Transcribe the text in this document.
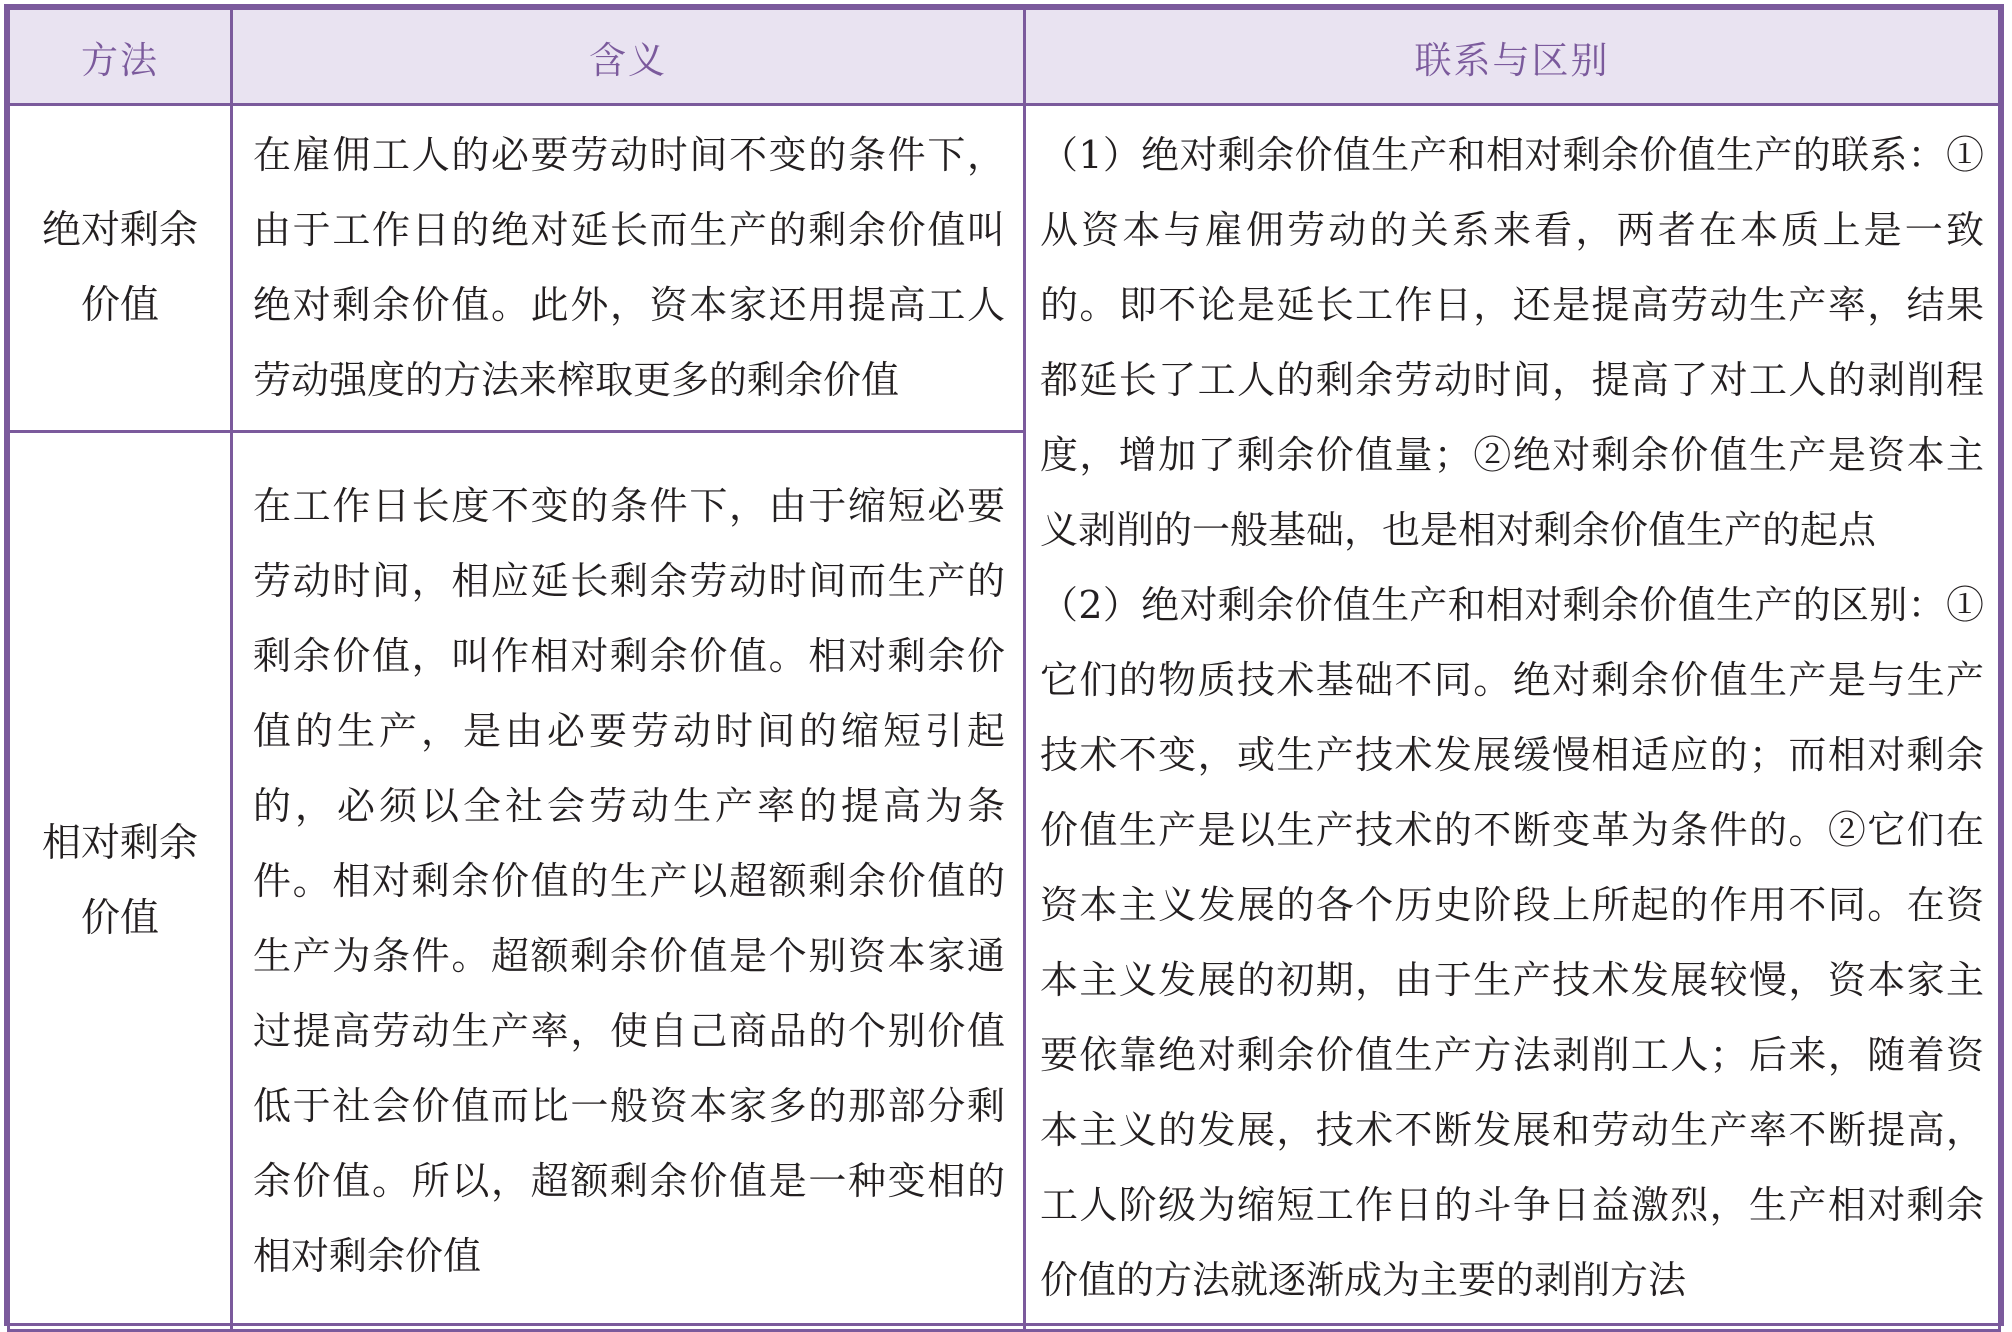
方法	含义	联系与区别
绝对剩余价值	在雇佣工人的必要劳动时间不变的条件下，由于工作日的绝对延长而生产的剩余价值叫绝对剩余价值。此外，资本家还用提高工人劳动强度的方法来榨取更多的剩余价值	（1）绝对剩余价值生产和相对剩余价值生产的联系：①从资本与雇佣劳动的关系来看，两者在本质上是一致的。即不论是延长工作日，还是提高劳动生产率，结果都延长了工人的剩余劳动时间，提高了对工人的剥削程度，增加了剩余价值量；②绝对剩余价值生产是资本主义剥削的一般基础，也是相对剩余价值生产的起点
（2）绝对剩余价值生产和相对剩余价值生产的区别：①它们的物质技术基础不同。绝对剩余价值生产是与生产技术不变，或生产技术发展缓慢相适应的；而相对剩余价值生产是以生产技术的不断变革为条件的。②它们在资本主义发展的各个历史阶段上所起的作用不同。在资本主义发展的初期，由于生产技术发展较慢，资本家主要依靠绝对剩余价值生产方法剥削工人；后来，随着资本主义的发展，技术不断发展和劳动生产率不断提高，工人阶级为缩短工作日的斗争日益激烈，生产相对剩余价值的方法就逐渐成为主要的剥削方法

相对剩余价值	在工作日长度不变的条件下，由于缩短必要劳动时间，相应延长剩余劳动时间而生产的剩余价值，叫作相对剩余价值。相对剩余价值的生产，是由必要劳动时间的缩短引起的，必须以全社会劳动生产率的提高为条件。相对剩余价值的生产以超额剩余价值的生产为条件。超额剩余价值是个别资本家通过提高劳动生产率，使自己商品的个别价值低于社会价值而比一般资本家多的那部分剩余价值。所以，超额剩余价值是一种变相的相对剩余价值	
